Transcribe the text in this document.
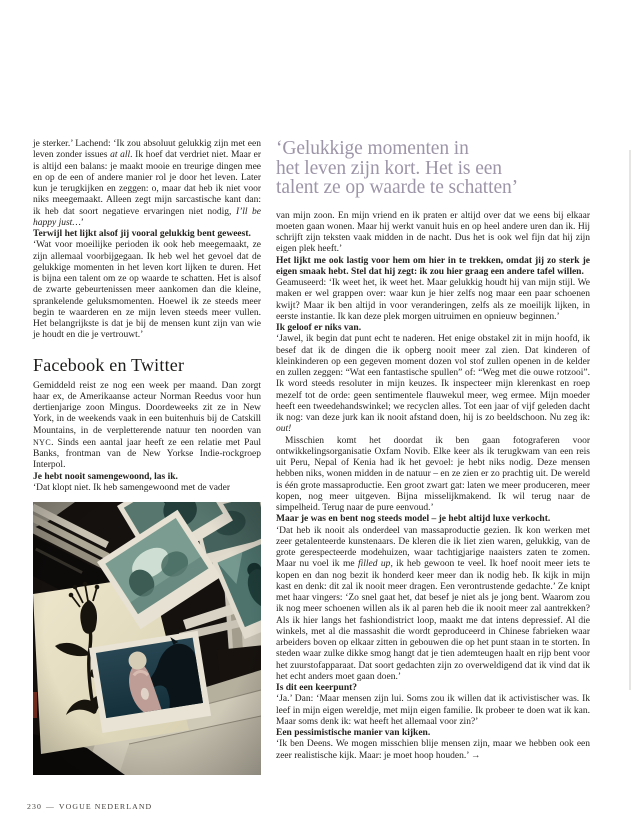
je sterker.’ Lachend: ‘Ik zou absoluut gelukkig zijn met een leven zonder issues at all. Ik hoef dat verdriet niet. Maar er is altijd een balans: je maakt mooie en treurige dingen mee en op de een of andere manier rol je door het leven. Later kun je terugkijken en zeggen: o, maar dat heb ik niet voor niks meegemaakt. Alleen zegt mijn sarcastische kant dan: ik heb dat soort negatieve ervaringen niet nodig, I’ll be happy just…’

Terwijl het lijkt alsof jij vooral gelukkig bent geweest.

‘Wat voor moeilijke perioden ik ook heb meegemaakt, ze zijn allemaal voorbijgegaan. Ik heb wel het gevoel dat de gelukkige momenten in het leven kort lijken te duren. Het is bijna een talent om ze op waarde te schatten. Het is alsof de zwarte gebeurtenissen meer aankomen dan die kleine, sprankelende geluksmomenten. Hoewel ik ze steeds meer begin te waarderen en ze mijn leven steeds meer vullen. Het belangrijkste is dat je bij de mensen kunt zijn van wie je houdt en die je vertrouwt.’

Facebook en Twitter

Gemiddeld reist ze nog een week per maand. Dan zorgt haar ex, de Amerikaanse acteur Norman Reedus voor hun dertienjarige zoon Mingus. Doordeweeks zit ze in New York, in de weekends vaak in een buitenhuis bij de Catskill Mountains, in de verpletterende natuur ten noorden van NYC. Sinds een aantal jaar heeft ze een relatie met Paul Banks, frontman van de New Yorkse Indie-rockgroep Interpol.

Je hebt nooit samengewoond, las ik.

‘Dat klopt niet. Ik heb samengewoond met de vader

‘Gelukkige momenten in
het leven zijn kort. Het is een
talent ze op waarde te schatten’

van mijn zoon. En mijn vriend en ik praten er altijd over dat we eens bij elkaar moeten gaan wonen. Maar hij werkt vanuit huis en op heel andere uren dan ik. Hij schrijft zijn teksten vaak midden in de nacht. Dus het is ook wel fijn dat hij zijn eigen plek heeft.’

Het lijkt me ook lastig voor hem om hier in te trekken, omdat jij zo sterk je eigen smaak hebt. Stel dat hij zegt: ik zou hier graag een andere tafel willen.

Geamuseerd: ‘Ik weet het, ik weet het. Maar gelukkig houdt hij van mijn stijl. We maken er wel grappen over: waar kun je hier zelfs nog maar een paar schoenen kwijt? Maar ik ben altijd in voor veranderingen, zelfs als ze moeilijk lijken, in eerste instantie. Ik kan deze plek morgen uitruimen en opnieuw beginnen.’

Ik geloof er niks van.

‘Jawel, ik begin dat punt echt te naderen. Het enige obstakel zit in mijn hoofd, ik besef dat ik de dingen die ik opberg nooit meer zal zien. Dat kinderen of kleinkinderen op een gegeven moment dozen vol stof zullen openen in de kelder en zullen zeggen: “Wat een fantastische spullen” of: “Weg met die ouwe rotzooi”. Ik word steeds resoluter in mijn keuzes. Ik inspecteer mijn klerenkast en roep mezelf tot de orde: geen sentimentele flauwekul meer, weg ermee. Mijn moeder heeft een tweedehandswinkel; we recyclen alles. Tot een jaar of vijf geleden dacht ik nog: van deze jurk kan ik nooit afstand doen, hij is zo beeldschoon. Nu zeg ik: out!

Misschien komt het doordat ik ben gaan fotograferen voor ontwikkelingsorganisatie Oxfam Novib. Elke keer als ik terugkwam van een reis uit Peru, Nepal of Kenia had ik het gevoel: je hebt niks nodig. Deze mensen hebben niks, wonen midden in de natuur – en ze zien er zo prachtig uit. De wereld is één grote massaproductie. Een groot zwart gat: laten we meer produceren, meer kopen, nog meer uitgeven. Bijna misselijkmakend. Ik wil terug naar de simpelheid. Terug naar de pure eenvoud.’

Maar je was en bent nog steeds model – je hebt altijd luxe verkocht.

‘Dat heb ik nooit als onderdeel van massaproductie gezien. Ik kon werken met zeer getalenteerde kunstenaars. De kleren die ik liet zien waren, gelukkig, van de grote gerespecteerde modehuizen, waar tachtigjarige naaisters zaten te zomen. Maar nu voel ik me filled up, ik heb gewoon te veel. Ik hoef nooit meer iets te kopen en dan nog bezit ik honderd keer meer dan ik nodig heb. Ik kijk in mijn kast en denk: dit zal ik nooit meer dragen. Een verontrustende gedachte.’ Ze knipt met haar vingers: ‘Zo snel gaat het, dat besef je niet als je jong bent. Waarom zou ik nog meer schoenen willen als ik al paren heb die ik nooit meer zal aantrekken? Als ik hier langs het fashiondistrict loop, maakt me dat intens depressief. Al die winkels, met al die massashit die wordt geproduceerd in Chinese fabrieken waar arbeiders boven op elkaar zitten in gebouwen die op het punt staan in te storten. In steden waar zulke dikke smog hangt dat je tien ademteugen haalt en rijp bent voor het zuurstofapparaat. Dat soort gedachten zijn zo overweldigend dat ik vind dat ik het echt anders moet gaan doen.’

Is dit een keerpunt?

‘Ja.’ Dan: ‘Maar mensen zijn lui. Soms zou ik willen dat ik activistischer was. Ik leef in mijn eigen wereldje, met mijn eigen familie. Ik probeer te doen wat ik kan. Maar soms denk ik: wat heeft het allemaal voor zin?’

Een pessimistische manier van kijken.

‘Ik ben Deens. We mogen misschien blije mensen zijn, maar we hebben ook een zeer realistische kijk. Maar: je moet hoop houden.’ →

230 — VOGUE NEDERLAND
